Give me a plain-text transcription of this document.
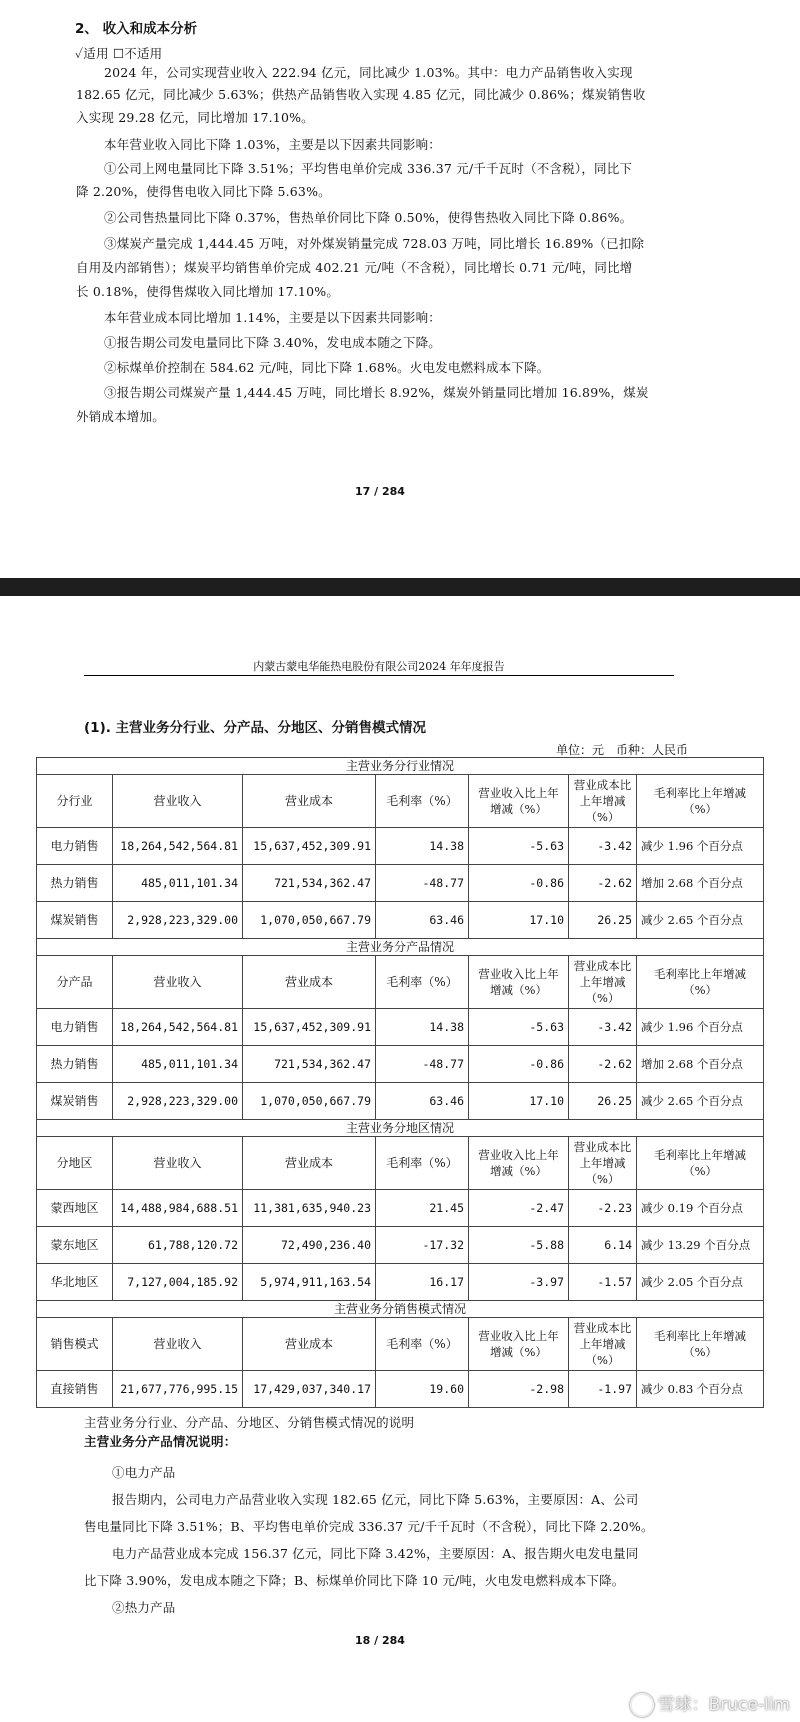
2、 收入和成本分析
✓适用 ☐不适用
2024 年，公司实现营业收入 222.94 亿元，同比减少 1.03%。其中：电力产品销售收入实现
182.65 亿元，同比减少 5.63%；供热产品销售收入实现 4.85 亿元，同比减少 0.86%；煤炭销售收
入实现 29.28 亿元，同比增加 17.10%。
本年营业收入同比下降 1.03%，主要是以下因素共同影响：
①公司上网电量同比下降 3.51%；平均售电单价完成 336.37 元/千千瓦时（不含税），同比下
降 2.20%，使得售电收入同比下降 5.63%。
②公司售热量同比下降 0.37%，售热单价同比下降 0.50%，使得售热收入同比下降 0.86%。
③煤炭产量完成 1,444.45 万吨，对外煤炭销量完成 728.03 万吨，同比增长 16.89%（已扣除
自用及内部销售）；煤炭平均销售单价完成 402.21 元/吨（不含税），同比增长 0.71 元/吨，同比增
长 0.18%，使得售煤收入同比增加 17.10%。
本年营业成本同比增加 1.14%，主要是以下因素共同影响：
①报告期公司发电量同比下降 3.40%，发电成本随之下降。
②标煤单价控制在 584.62 元/吨，同比下降 1.68%。火电发电燃料成本下降。
③报告期公司煤炭产量 1,444.45 万吨，同比增长 8.92%，煤炭外销量同比增加 16.89%，煤炭
外销成本增加。
17 / 284
内蒙古蒙电华能热电股份有限公司2024 年年度报告
(1). 主营业务分行业、分产品、分地区、分销售模式情况
单位：元　币种：人民币
主营业务分行业情况						
分行业	营业收入	营业成本	毛利率（%）	营业收入比上年增减（%）	营业成本比上年增减（%）	毛利率比上年增减（%）
电力销售	18,264,542,564.81	15,637,452,309.91	14.38	-5.63	-3.42	减少 1.96 个百分点
热力销售	485,011,101.34	721,534,362.47	-48.77	-0.86	-2.62	增加 2.68 个百分点
煤炭销售	2,928,223,329.00	1,070,050,667.79	63.46	17.10	26.25	减少 2.65 个百分点
主营业务分产品情况						
分产品	营业收入	营业成本	毛利率（%）	营业收入比上年增减（%）	营业成本比上年增减（%）	毛利率比上年增减（%）
电力销售	18,264,542,564.81	15,637,452,309.91	14.38	-5.63	-3.42	减少 1.96 个百分点
热力销售	485,011,101.34	721,534,362.47	-48.77	-0.86	-2.62	增加 2.68 个百分点
煤炭销售	2,928,223,329.00	1,070,050,667.79	63.46	17.10	26.25	减少 2.65 个百分点
主营业务分地区情况						
分地区	营业收入	营业成本	毛利率（%）	营业收入比上年增减（%）	营业成本比上年增减（%）	毛利率比上年增减（%）
蒙西地区	14,488,984,688.51	11,381,635,940.23	21.45	-2.47	-2.23	减少 0.19 个百分点
蒙东地区	61,788,120.72	72,490,236.40	-17.32	-5.88	6.14	减少 13.29 个百分点
华北地区	7,127,004,185.92	5,974,911,163.54	16.17	-3.97	-1.57	减少 2.05 个百分点
主营业务分销售模式情况						
销售模式	营业收入	营业成本	毛利率（%）	营业收入比上年增减（%）	营业成本比上年增减（%）	毛利率比上年增减（%）
直接销售	21,677,776,995.15	17,429,037,340.17	19.60	-2.98	-1.97	减少 0.83 个百分点
主营业务分行业、分产品、分地区、分销售模式情况的说明
主营业务分产品情况说明：
①电力产品
报告期内，公司电力产品营业收入实现 182.65 亿元，同比下降 5.63%，主要原因：A、公司
售电量同比下降 3.51%；B、平均售电单价完成 336.37 元/千千瓦时（不含税），同比下降 2.20%。
电力产品营业成本完成 156.37 亿元，同比下降 3.42%，主要原因：A、报告期火电发电量同
比下降 3.90%，发电成本随之下降；B、标煤单价同比下降 10 元/吨，火电发电燃料成本下降。
②热力产品
18 / 284
雪球：Bruce-lim
